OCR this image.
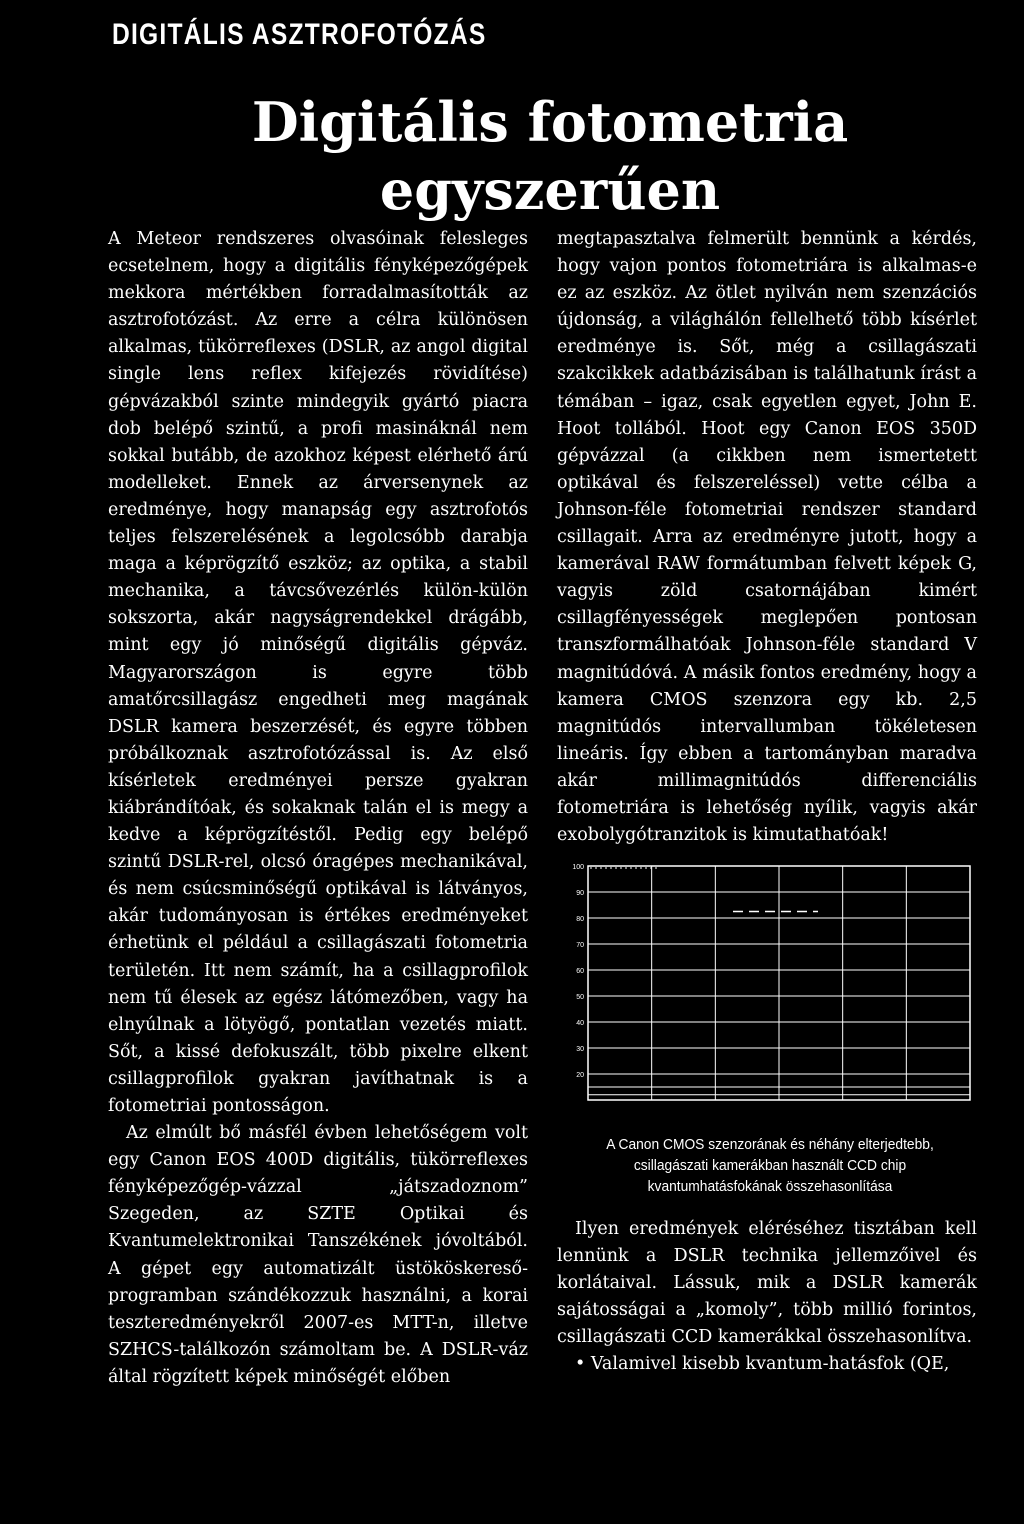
DIGITÁLIS ASZTROFOTÓZÁS
Digitális fotometria
egyszerűen

A Meteor rendszeres olvasóinak felesleges ecsetelnem, hogy a digitális fényképezőgépek mekkora mértékben forradalmasították az asztrofotózást. Az erre a célra különösen alkalmas, tükörreflexes (DSLR, az angol digital single lens reflex kifejezés rövidítése) gépvázakból szinte mindegyik gyártó piacra dob belépő szintű, a profi masináknál nem sokkal butább, de azokhoz képest elérhető árú modelleket. Ennek az árversenynek az eredménye, hogy manapság egy asztrofotós teljes felszerelésének a legolcsóbb darabja maga a képrögzítő eszköz; az optika, a stabil mechanika, a távcsővezérlés külön-külön sokszorta, akár nagyságrendekkel drágább, mint egy jó minőségű digitális gépváz. Magyarországon is egyre több amatőrcsillagász engedheti meg magának DSLR kamera beszerzését, és egyre többen próbálkoznak asztrofotózással is. Az első kísérletek eredményei persze gyakran kiábrándítóak, és sokaknak talán el is megy a kedve a képrögzítéstől. Pedig egy belépő szintű DSLR-rel, olcsó óragépes mechanikával, és nem csúcsminőségű optikával is látványos, akár tudományosan is értékes eredményeket érhetünk el például a csillagászati fotometria területén. Itt nem számít, ha a csillagprofilok nem tű élesek az egész látómezőben, vagy ha elnyúlnak a lötyögő, pontatlan vezetés miatt. Sőt, a kissé defokuszált, több pixelre elkent csillagprofilok gyakran javíthatnak is a fotometriai pontosságon.

Az elmúlt bő másfél évben lehetőségem volt egy Canon EOS 400D digitális, tükörreflexes fényképezőgép-vázzal „játszadoznom” Szegeden, az SZTE Optikai és Kvantumelektronikai Tanszékének jóvoltából. A gépet egy automatizált üstököskereső-programban szándékozzuk használni, a korai teszteredményekről 2007-es MTT-n, illetve SZHCS-találkozón számoltam be. A DSLR-váz által rögzített képek minőségét előben

megtapasztalva felmerült bennünk a kérdés, hogy vajon pontos fotometriára is alkalmas-e ez az eszköz. Az ötlet nyilván nem szenzációs újdonság, a világhálón fellelhető több kísérlet eredménye is. Sőt, még a csillagászati szakcikkek adatbázisában is találhatunk írást a témában – igaz, csak egyetlen egyet, John E. Hoot tollából. Hoot egy Canon EOS 350D gépvázzal (a cikkben nem ismertetett optikával és felszereléssel) vette célba a Johnson-féle fotometriai rendszer standard csillagait. Arra az eredményre jutott, hogy a kamerával RAW formátumban felvett képek G, vagyis zöld csatornájában kimért csillagfényességek meglepően pontosan transzformálhatóak Johnson-féle standard V magnitúdóvá. A másik fontos eredmény, hogy a kamera CMOS szenzora egy kb. 2,5 magnitúdós intervallumban tökéletesen lineáris. Így ebben a tartományban maradva akár millimagnitúdós differenciális fotometriára is lehetőség nyílik, vagyis akár exobolygótranzitok is kimutathatóak!

100
90
80
70
60
50
40
30
20
A Canon CMOS szenzorának és néhány elterjedtebb,
csillagászati kamerákban használt CCD chip
kvantumhatásfokának összehasonlítása

Ilyen eredmények eléréséhez tisztában kell lennünk a DSLR technika jellemzőivel és korlátaival. Lássuk, mik a DSLR kamerák sajátosságai a „komoly”, több millió forintos, csillagászati CCD kamerákkal összehasonlítva.

• Valamivel kisebb kvantum-hatásfok (QE,
